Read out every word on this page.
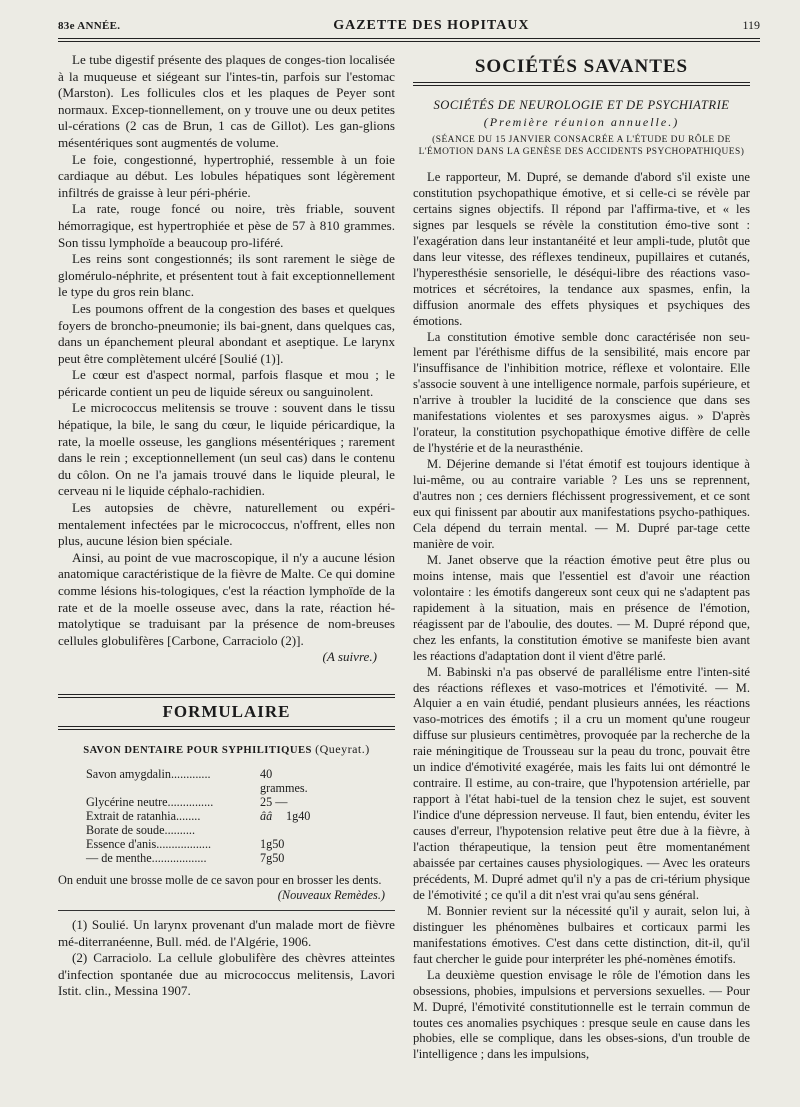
83e ANNÉE.	GAZETTE DES HOPITAUX	119

Le tube digestif présente des plaques de conges-tion localisée à la muqueuse et siégeant sur l'intes-tin, parfois sur l'estomac (Marston). Les follicules clos et les plaques de Peyer sont normaux. Excep-tionnellement, on y trouve une ou deux petites ul-cérations (2 cas de Brun, 1 cas de Gillot). Les gan-glions mésentériques sont augmentés de volume.

Le foie, congestionné, hypertrophié, ressemble à un foie cardiaque au début. Les lobules hépatiques sont légèrement infiltrés de graisse à leur péri-phérie.

La rate, rouge foncé ou noire, très friable, souvent hémorragique, est hypertrophiée et pèse de 57 à 810 grammes. Son tissu lymphoïde a beaucoup pro-liféré.

Les reins sont congestionnés; ils sont rarement le siège de glomérulo-néphrite, et présentent tout à fait exceptionnellement le type du gros rein blanc.

Les poumons offrent de la congestion des bases et quelques foyers de broncho-pneumonie; ils bai-gnent, dans quelques cas, dans un épanchement pleural abondant et aseptique. Le larynx peut être complètement ulcéré [Soulié (1)].

Le cœur est d'aspect normal, parfois flasque et mou ; le péricarde contient un peu de liquide séreux ou sanguinolent.

Le micrococcus melitensis se trouve : souvent dans le tissu hépatique, la bile, le sang du cœur, le liquide péricardique, la rate, la moelle osseuse, les ganglions mésentériques ; rarement dans le rein ; exceptionnellement (un seul cas) dans le contenu du côlon. On ne l'a jamais trouvé dans le liquide pleural, le cerveau ni le liquide céphalo-rachidien.

Les autopsies de chèvre, naturellement ou expéri-mentalement infectées par le micrococcus, n'offrent, elles non plus, aucune lésion bien spéciale.

Ainsi, au point de vue macroscopique, il n'y a aucune lésion anatomique caractéristique de la fièvre de Malte. Ce qui domine comme lésions his-tologiques, c'est la réaction lymphoïde de la rate et de la moelle osseuse avec, dans la rate, réaction hé-matolytique se traduisant par la présence de nom-breuses cellules globulifères [Carbone, Carraciolo (2)].

(A suivre.)

FORMULAIRE
SAVON DENTAIRE POUR SYPHILITIQUES (Queyrat.)
Savon amygdalin.............	40 grammes.
Glycérine neutre...............	25 —
Extrait de ratanhia........	ââ	1g40
Borate de soude..........
Essence d'anis..................	1g50
— de menthe..................	7g50
On enduit une brosse molle de ce savon pour en brosser les dents.
(Nouveaux Remèdes.)

(1) Soulié. Un larynx provenant d'un malade mort de fièvre mé-diterranéenne, Bull. méd. de l'Algérie, 1906.

(2) Carraciolo. La cellule globulifère des chèvres atteintes d'infection spontanée due au micrococcus melitensis, Lavori Istit. clin., Messina 1907.

SOCIÉTÉS SAVANTES
SOCIÉTÉS DE NEUROLOGIE ET DE PSYCHIATRIE
(Première réunion annuelle.)
(SÉANCE DU 15 JANVIER CONSACRÉE A L'ÉTUDE DU RÔLE DE L'ÉMOTION DANS LA GENÈSE DES ACCIDENTS PSYCHOPATHIQUES)

Le rapporteur, M. Dupré, se demande d'abord s'il existe une constitution psychopathique émotive, et si celle-ci se révèle par certains signes objectifs. Il répond par l'affirma-tive, et « les signes par lesquels se révèle la constitution émo-tive sont : l'exagération dans leur instantanéité et leur ampli-tude, plutôt que dans leur vitesse, des réflexes tendineux, pupillaires et cutanés, l'hyperesthésie sensorielle, le déséqui-libre des réactions vaso-motrices et sécrétoires, la tendance aux spasmes, enfin, la diffusion anormale des effets physiques et psychiques des émotions.

La constitution émotive semble donc caractérisée non seu-lement par l'éréthisme diffus de la sensibilité, mais encore par l'insuffisance de l'inhibition motrice, réflexe et volontaire. Elle s'associe souvent à une intelligence normale, parfois supérieure, et n'arrive à troubler la lucidité de la conscience que dans ses manifestations violentes et ses paroxysmes aigus. » D'après l'orateur, la constitution psychopathique émotive diffère de celle de l'hystérie et de la neurasthénie.

M. Déjerine demande si l'état émotif est toujours identique à lui-même, ou au contraire variable ? Les uns se reprennent, d'autres non ; ces derniers fléchissent progressivement, et ce sont eux qui finissent par aboutir aux manifestations psycho-pathiques. Cela dépend du terrain mental. — M. Dupré par-tage cette manière de voir.

M. Janet observe que la réaction émotive peut être plus ou moins intense, mais que l'essentiel est d'avoir une réaction volontaire : les émotifs dangereux sont ceux qui ne s'adaptent pas rapidement à la situation, mais en présence de l'émotion, réagissent par de l'aboulie, des doutes. — M. Dupré répond que, chez les enfants, la constitution émotive se manifeste bien avant les réactions d'adaptation dont il vient d'être parlé.

M. Babinski n'a pas observé de parallélisme entre l'inten-sité des réactions réflexes et vaso-motrices et l'émotivité. — M. Alquier a en vain étudié, pendant plusieurs années, les réactions vaso-motrices des émotifs ; il a cru un moment qu'une rougeur diffuse sur plusieurs centimètres, provoquée par la recherche de la raie méningitique de Trousseau sur la peau du tronc, pouvait être un indice d'émotivité exagérée, mais les faits lui ont démontré le contraire. Il estime, au con-traire, que l'hypotension artérielle, par rapport à l'état habi-tuel de la tension chez le sujet, est souvent l'indice d'une dépression nerveuse. Il faut, bien entendu, éviter les causes d'erreur, l'hypotension relative peut être due à la fièvre, à l'action thérapeutique, la tension peut être momentanément abaissée par certaines causes physiologiques. — Avec les orateurs précédents, M. Dupré admet qu'il n'y a pas de cri-térium physique de l'émotivité ; ce qu'il a dit n'est vrai qu'au sens général.

M. Bonnier revient sur la nécessité qu'il y aurait, selon lui, à distinguer les phénomènes bulbaires et corticaux parmi les manifestations émotives. C'est dans cette distinction, dit-il, qu'il faut chercher le guide pour interpréter les phé-nomènes émotifs.

La deuxième question envisage le rôle de l'émotion dans les obsessions, phobies, impulsions et perversions sexuelles. — Pour M. Dupré, l'émotivité constitutionnelle est le terrain commun de toutes ces anomalies psychiques : presque seule en cause dans les phobies, elle se complique, dans les obses-sions, d'un trouble de l'intelligence ; dans les impulsions,
